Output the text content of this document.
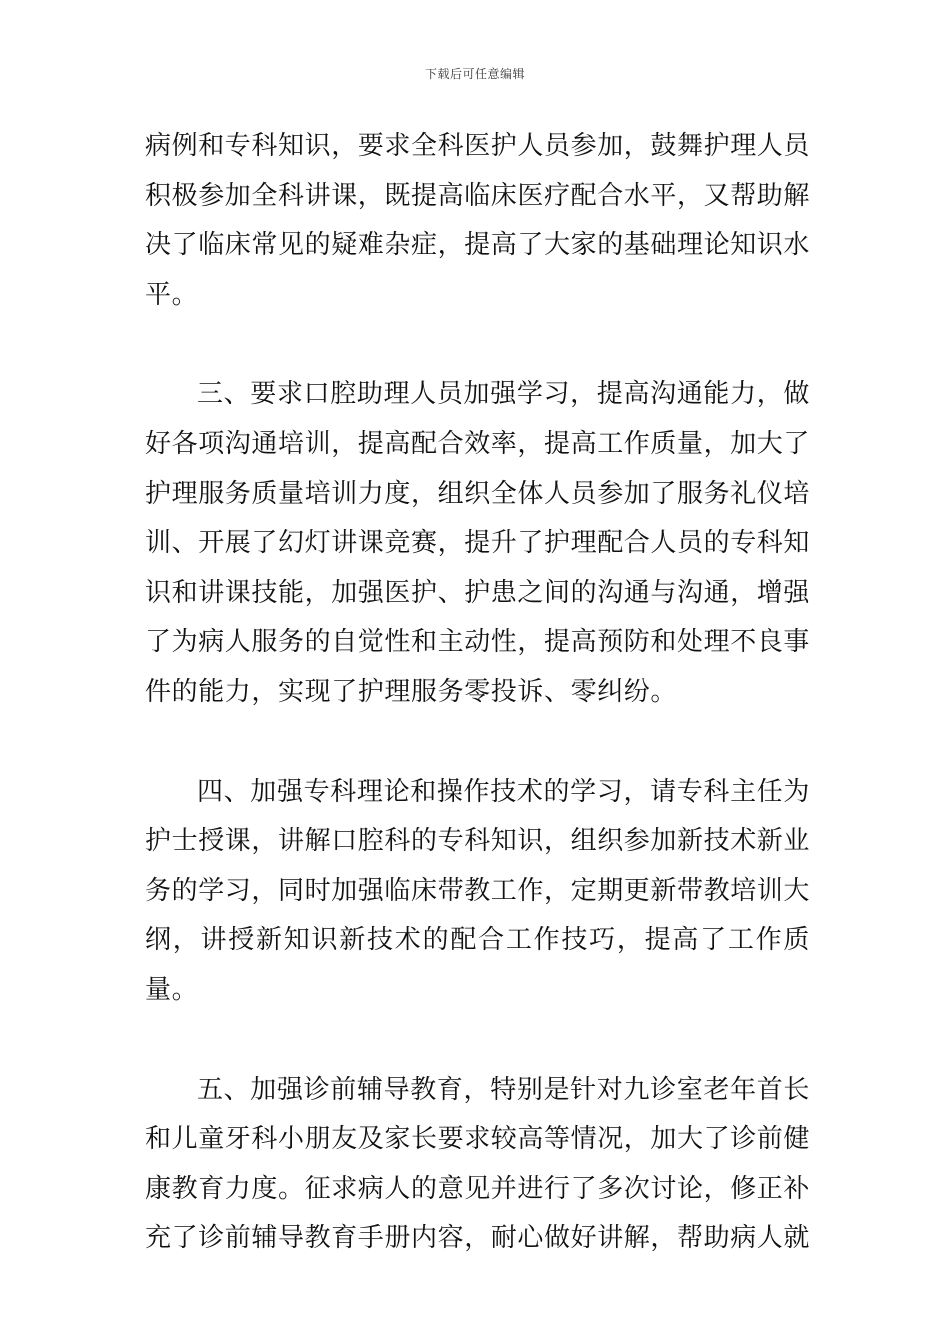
下载后可任意编辑

病例和专科知识，要求全科医护人员参加，鼓舞护理人员积极参加全科讲课，既提高临床医疗配合水平，又帮助解决了临床常见的疑难杂症，提高了大家的基础理论知识水平。

三、要求口腔助理人员加强学习，提高沟通能力，做好各项沟通培训，提高配合效率，提高工作质量，加大了护理服务质量培训力度，组织全体人员参加了服务礼仪培训、开展了幻灯讲课竞赛，提升了护理配合人员的专科知识和讲课技能，加强医护、护患之间的沟通与沟通，增强了为病人服务的自觉性和主动性，提高预防和处理不良事件的能力，实现了护理服务零投诉、零纠纷。

四、加强专科理论和操作技术的学习，请专科主任为护士授课，讲解口腔科的专科知识，组织参加新技术新业务的学习，同时加强临床带教工作，定期更新带教培训大纲，讲授新知识新技术的配合工作技巧，提高了工作质量。

五、加强诊前辅导教育，特别是针对九诊室老年首长和儿童牙科小朋友及家长要求较高等情况，加大了诊前健康教育力度。征求病人的意见并进行了多次讨论，修正补充了诊前辅导教育手册内容，耐心做好讲解，帮助病人就
